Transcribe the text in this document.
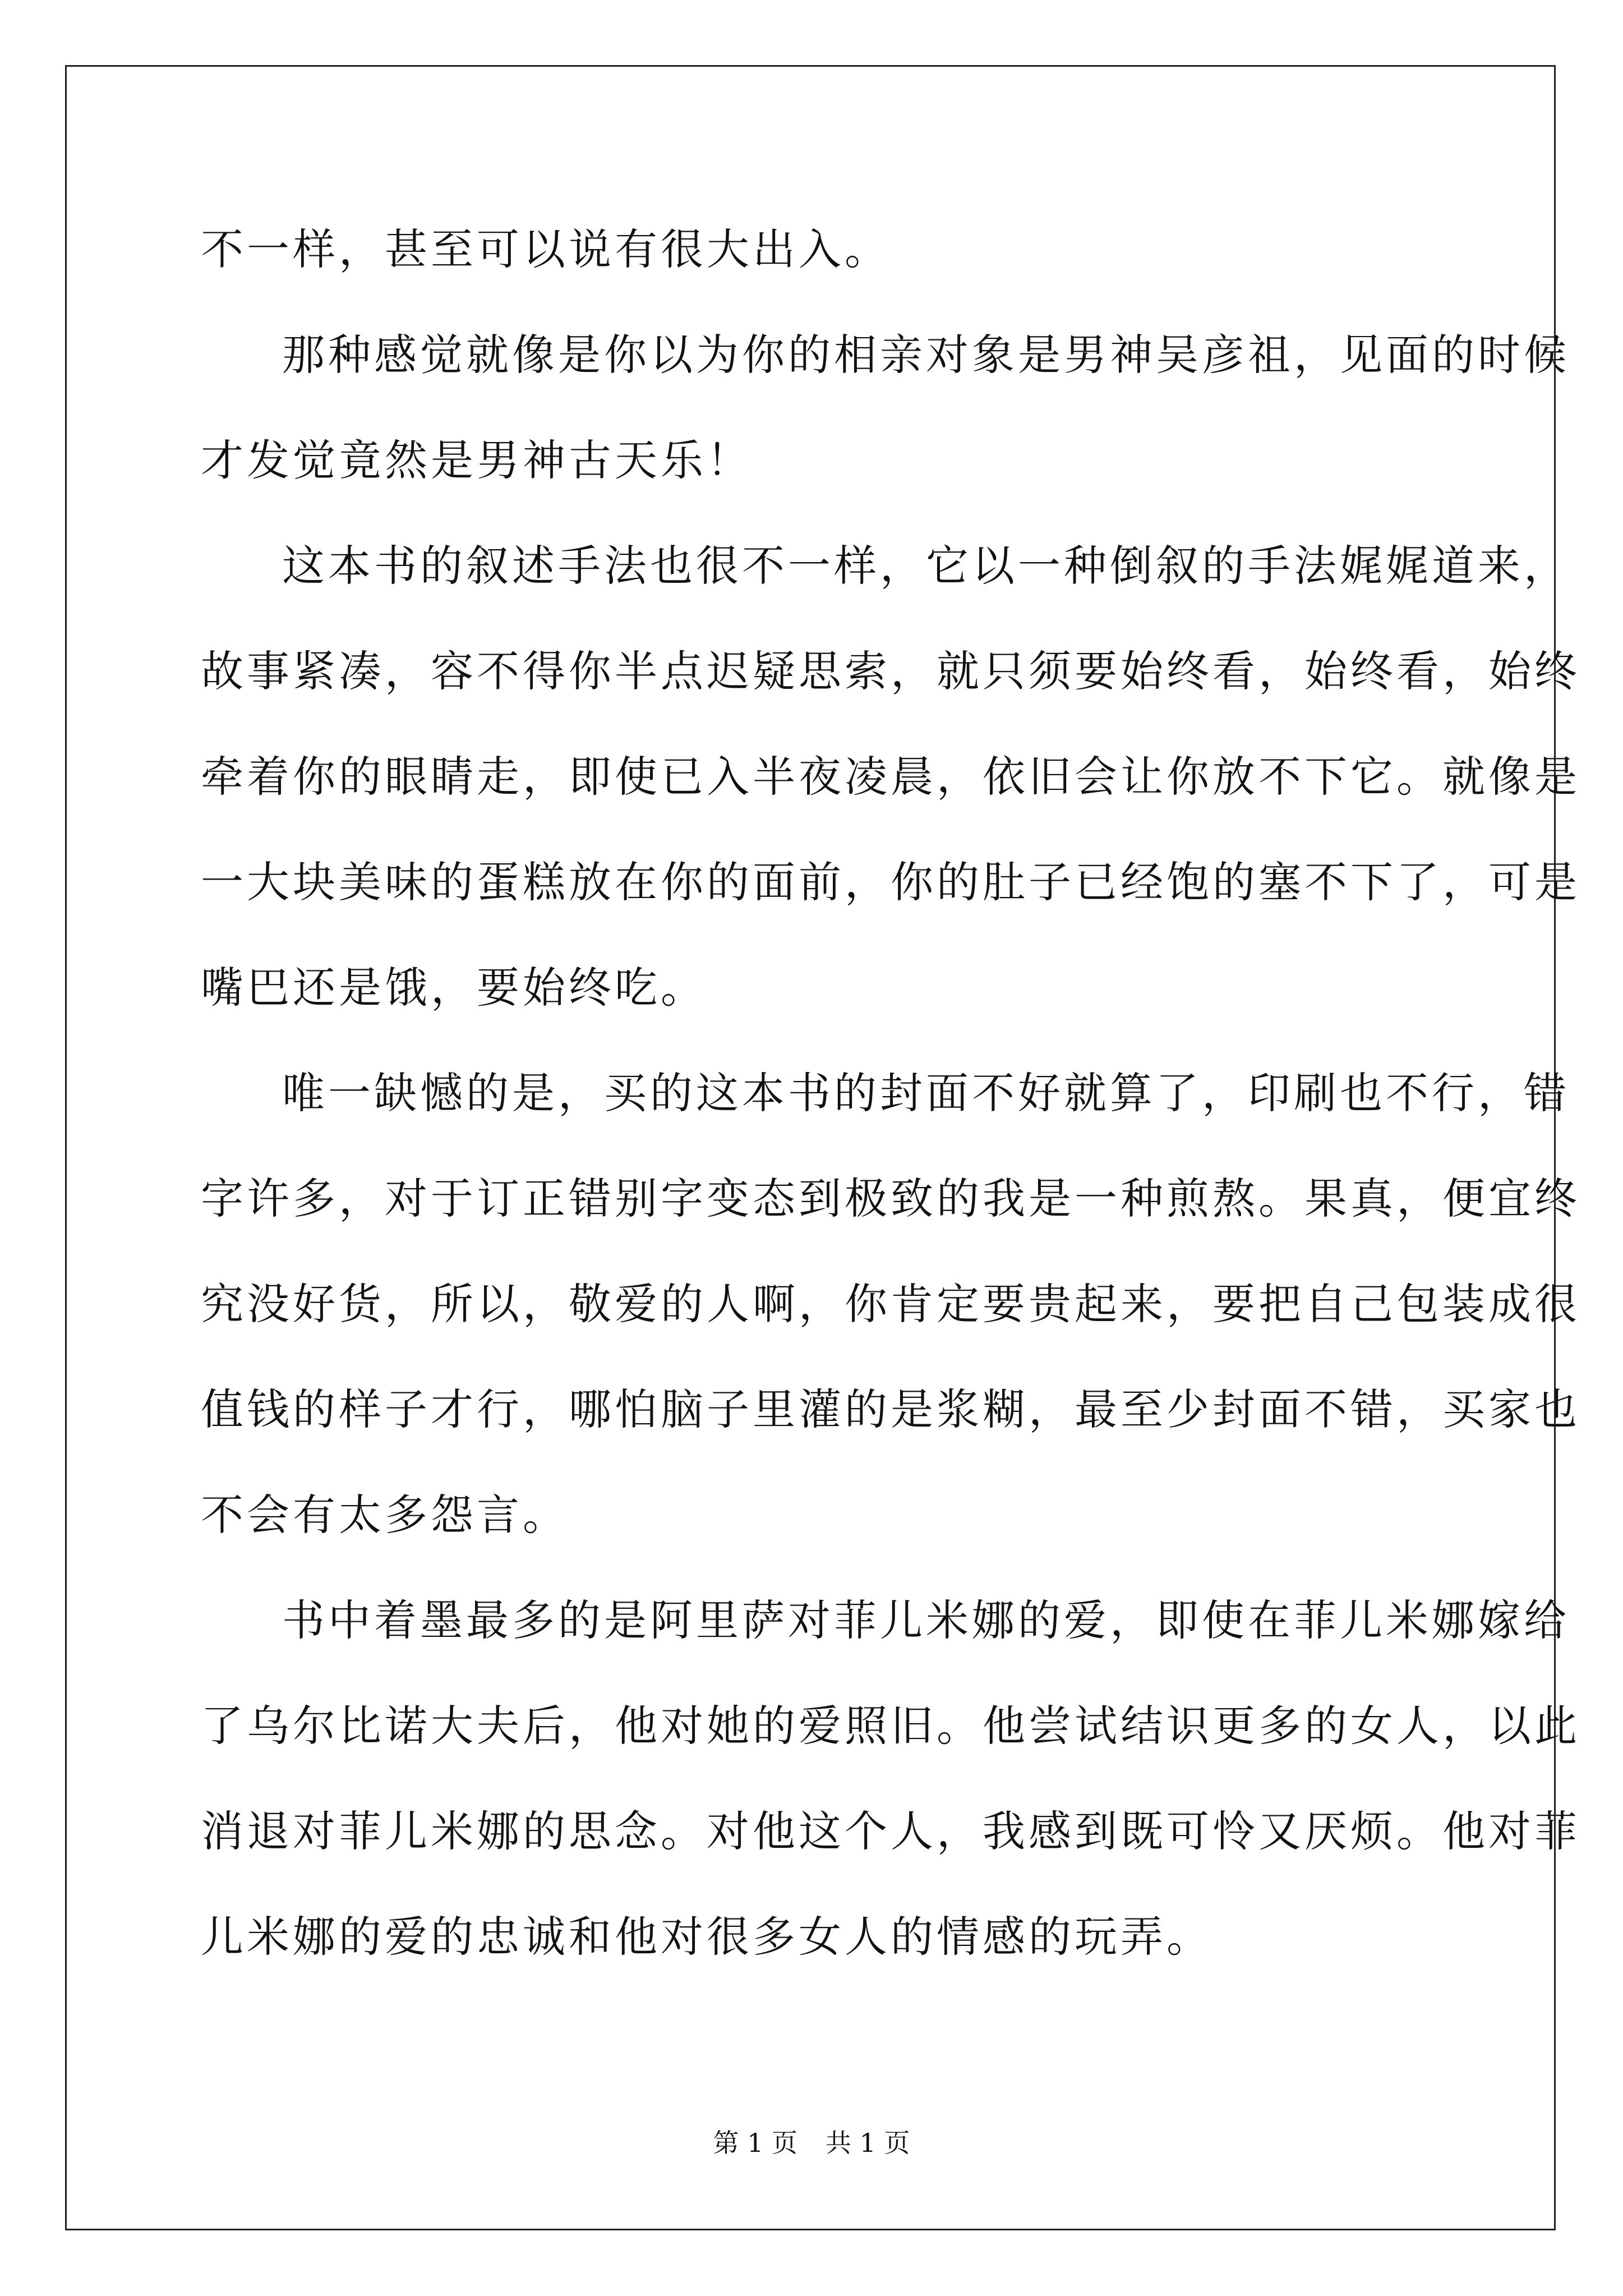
不一样，甚至可以说有很大出入。
那种感觉就像是你以为你的相亲对象是男神吴彦祖，见面的时候
才发觉竟然是男神古天乐！
这本书的叙述手法也很不一样，它以一种倒叙的手法娓娓道来，
故事紧凑，容不得你半点迟疑思索，就只须要始终看，始终看，始终
牵着你的眼睛走，即使已入半夜凌晨，依旧会让你放不下它。就像是
一大块美味的蛋糕放在你的面前，你的肚子已经饱的塞不下了，可是
嘴巴还是饿，要始终吃。
唯一缺憾的是，买的这本书的封面不好就算了，印刷也不行，错
字许多，对于订正错别字变态到极致的我是一种煎熬。果真，便宜终
究没好货，所以，敬爱的人啊，你肯定要贵起来，要把自己包装成很
值钱的样子才行，哪怕脑子里灌的是浆糊，最至少封面不错，买家也
不会有太多怨言。
书中着墨最多的是阿里萨对菲儿米娜的爱，即使在菲儿米娜嫁给
了乌尔比诺大夫后，他对她的爱照旧。他尝试结识更多的女人，以此
消退对菲儿米娜的思念。对他这个人，我感到既可怜又厌烦。他对菲
儿米娜的爱的忠诚和他对很多女人的情感的玩弄。
第 1 页 共 1 页
